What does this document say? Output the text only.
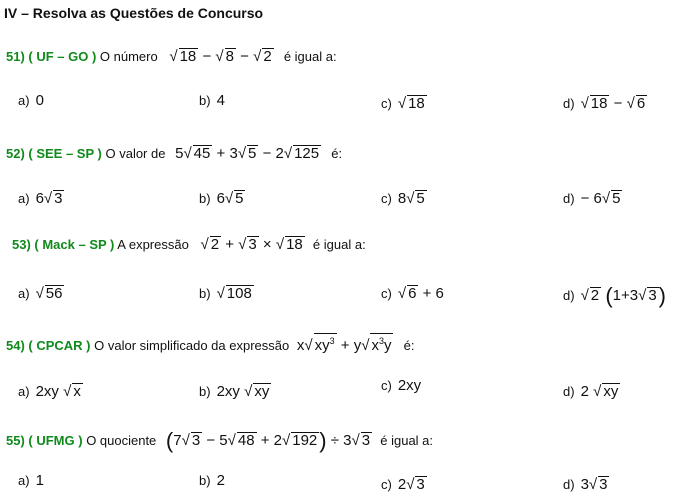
IV – Resolva as Questões de Concurso
51) ( UF – GO ) O número √ 18 − √ 8 − √ 2 é igual a:
a) 0	b) 4	c) √ 18	d) √ 18 − √ 6
52) ( SEE – SP ) O valor de 5√ 45 + 3√ 5 − 2√ 125 é:
a) 6√ 3	b) 6√ 5	c) 8√ 5	d) − 6√ 5
53) ( Mack – SP ) A expressão √ 2 + √ 3 × √ 18 é igual a:
a) √ 56	b) √ 108	c) √ 6 + 6	d) √ 2 (1+3√ 3)
54) ( CPCAR ) O valor simplificado da expressão x√ $xy^3 + y√$ $x^3y$ é:
a) 2xy √ x	b) 2xy √ xy	c) 2xy	d) 2 √ xy
55) ( UFMG ) O quociente (7√ 3 − 5√ 48 + 2√ 192) ÷ 3√ 3 é igual a:
a) 1	b) 2	c) 2√ 3	d) 3√ 3
